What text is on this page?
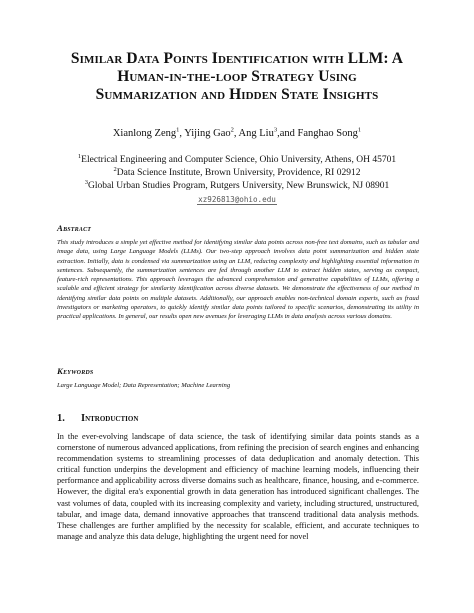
Similar Data Points Identification with LLM: A
Human-in-the-loop Strategy Using
Summarization and Hidden State Insights
Xianlong Zeng$^1$, Yijing Gao$^2$, Ang Liu$^3$,and Fanghao Song$^1$
$^1$Electrical Engineering and Computer Science, Ohio University, Athens, OH 45701
$^2$Data Science Institute, Brown University, Providence, RI 02912
$^3$Global Urban Studies Program, Rutgers University, New Brunswick, NJ 08901
xz926813@ohio.edu
Abstract
This study introduces a simple yet effective method for identifying similar data points across non-free text domains, such as tabular and image data, using Large Language Models (LLMs). Our two-step approach involves data point summarization and hidden state extraction. Initially, data is condensed via summarization using an LLM, reducing complexity and highlighting essential information in sentences. Subsequently, the summarization sentences are fed through another LLM to extract hidden states, serving as compact, feature-rich representations. This approach leverages the advanced comprehension and generative capabilities of LLMs, offering a scalable and efficient strategy for similarity identification across diverse datasets. We demonstrate the effectiveness of our method in identifying similar data points on multiple datasets. Additionally, our approach enables non-technical domain experts, such as fraud investigators or marketing operators, to quickly identify similar data points tailored to specific scenarios, demonstrating its utility in practical applications. In general, our results open new avenues for leveraging LLMs in data analysis across various domains.
Keywords
Large Language Model; Data Representation; Machine Learning
1. Introduction
In the ever-evolving landscape of data science, the task of identifying similar data points stands as a cornerstone of numerous advanced applications, from refining the precision of search engines and enhancing recommendation systems to streamlining processes of data deduplication and anomaly detection. This critical function underpins the development and efficiency of machine learning models, influencing their performance and applicability across diverse domains such as healthcare, finance, housing, and e-commerce. However, the digital era's exponential growth in data generation has introduced significant challenges. The vast volumes of data, coupled with its increasing complexity and variety, including structured, unstructured, tabular, and image data, demand innovative approaches that transcend traditional data analysis methods. These challenges are further amplified by the necessity for scalable, efficient, and accurate techniques to manage and analyze this data deluge, highlighting the urgent need for novel
